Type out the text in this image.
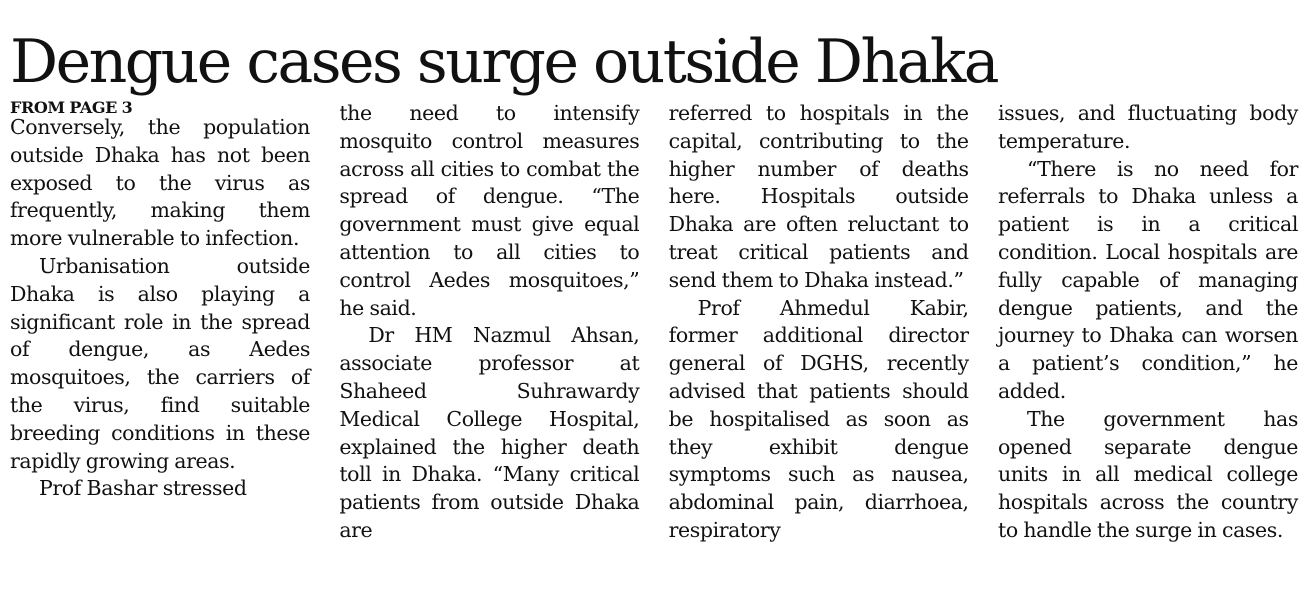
Dengue cases surge outside Dhaka
FROM PAGE 3

Conversely, the population outside Dhaka has not been exposed to the virus as frequently, making them more vulnerable to infection.

Urbanisation outside Dhaka is also playing a significant role in the spread of dengue, as Aedes mosquitoes, the carriers of the virus, find suitable breeding conditions in these rapidly growing areas.

Prof Bashar stressed

the need to intensify mosquito control measures across all cities to combat the spread of dengue. “The government must give equal attention to all cities to control Aedes mosquitoes,” he said.

Dr HM Nazmul Ahsan, associate professor at Shaheed Suhrawardy Medical College Hospital, explained the higher death toll in Dhaka. “Many critical patients from outside Dhaka are

referred to hospitals in the capital, contributing to the higher number of deaths here. Hospitals outside Dhaka are often reluctant to treat critical patients and send them to Dhaka instead.”

Prof Ahmedul Kabir, former additional director general of DGHS, recently advised that patients should be hospitalised as soon as they exhibit dengue symptoms such as nausea, abdominal pain, diarrhoea, respiratory

issues, and fluctuating body temperature.

“There is no need for referrals to Dhaka unless a patient is in a critical condition. Local hospitals are fully capable of managing dengue patients, and the journey to Dhaka can worsen a patient’s condition,” he added.

The government has opened separate dengue units in all medical college hospitals across the country to handle the surge in cases.
